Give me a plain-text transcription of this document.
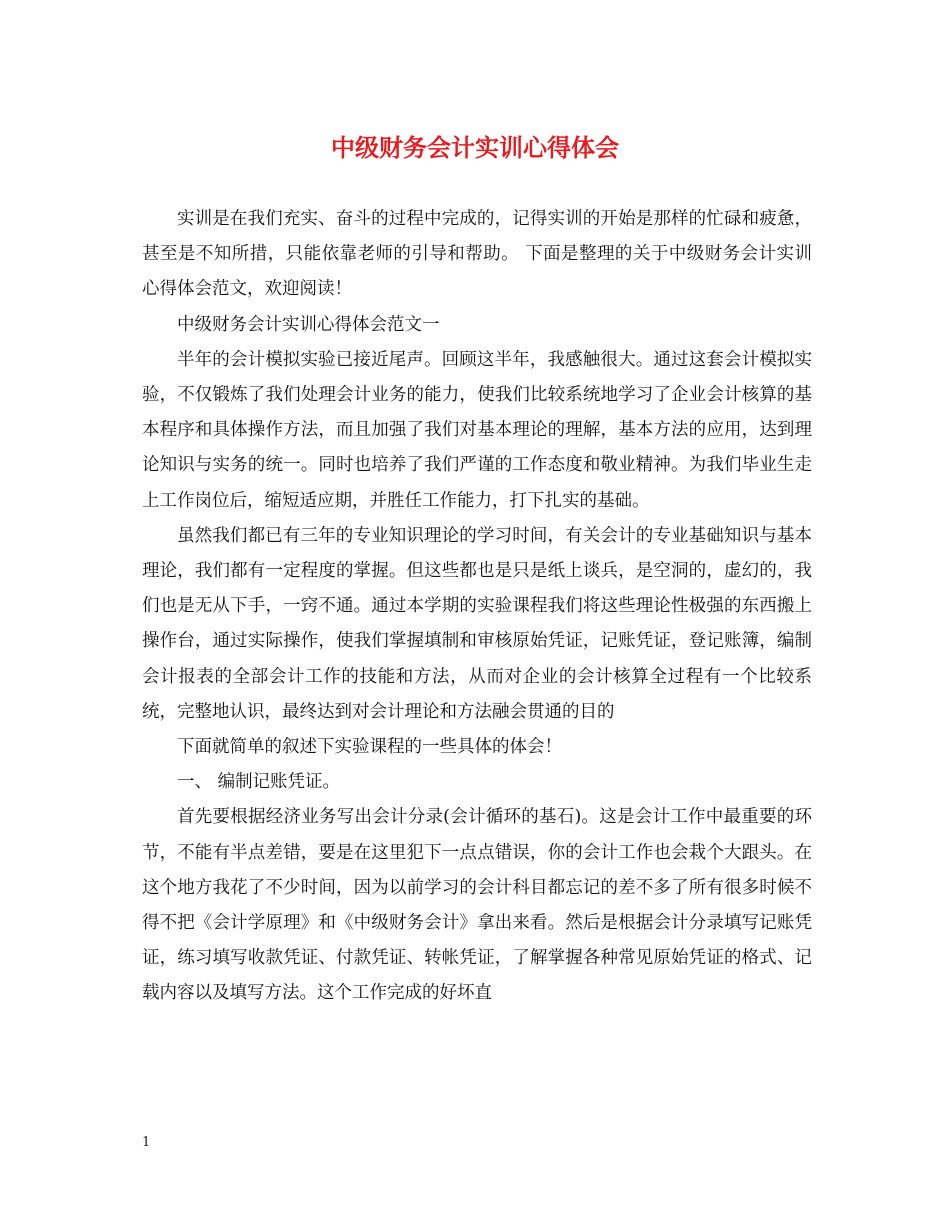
中级财务会计实训心得体会

实训是在我们充实、奋斗的过程中完成的，记得实训的开始是那样的忙碌和疲惫，甚至是不知所措，只能依靠老师的引导和帮助。 下面是整理的关于中级财务会计实训心得体会范文，欢迎阅读！

中级财务会计实训心得体会范文一

半年的会计模拟实验已接近尾声。回顾这半年，我感触很大。通过这套会计模拟实验，不仅锻炼了我们处理会计业务的能力，使我们比较系统地学习了企业会计核算的基本程序和具体操作方法，而且加强了我们对基本理论的理解，基本方法的应用，达到理论知识与实务的统一。同时也培养了我们严谨的工作态度和敬业精神。为我们毕业生走上工作岗位后，缩短适应期，并胜任工作能力，打下扎实的基础。

虽然我们都已有三年的专业知识理论的学习时间，有关会计的专业基础知识与基本理论，我们都有一定程度的掌握。但这些都也是只是纸上谈兵，是空洞的，虚幻的，我们也是无从下手，一窍不通。通过本学期的实验课程我们将这些理论性极强的东西搬上操作台，通过实际操作，使我们掌握填制和审核原始凭证，记账凭证，登记账簿，编制会计报表的全部会计工作的技能和方法，从而对企业的会计核算全过程有一个比较系统，完整地认识，最终达到对会计理论和方法融会贯通的目的

下面就简单的叙述下实验课程的一些具体的体会！

一、 编制记账凭证。

首先要根据经济业务写出会计分录(会计循环的基石)。这是会计工作中最重要的环节，不能有半点差错，要是在这里犯下一点点错误，你的会计工作也会栽个大跟头。在这个地方我花了不少时间，因为以前学习的会计科目都忘记的差不多了所有很多时候不得不把《会计学原理》和《中级财务会计》拿出来看。然后是根据会计分录填写记账凭证，练习填写收款凭证、付款凭证、转帐凭证，了解掌握各种常见原始凭证的格式、记载内容以及填写方法。这个工作完成的好坏直

1
